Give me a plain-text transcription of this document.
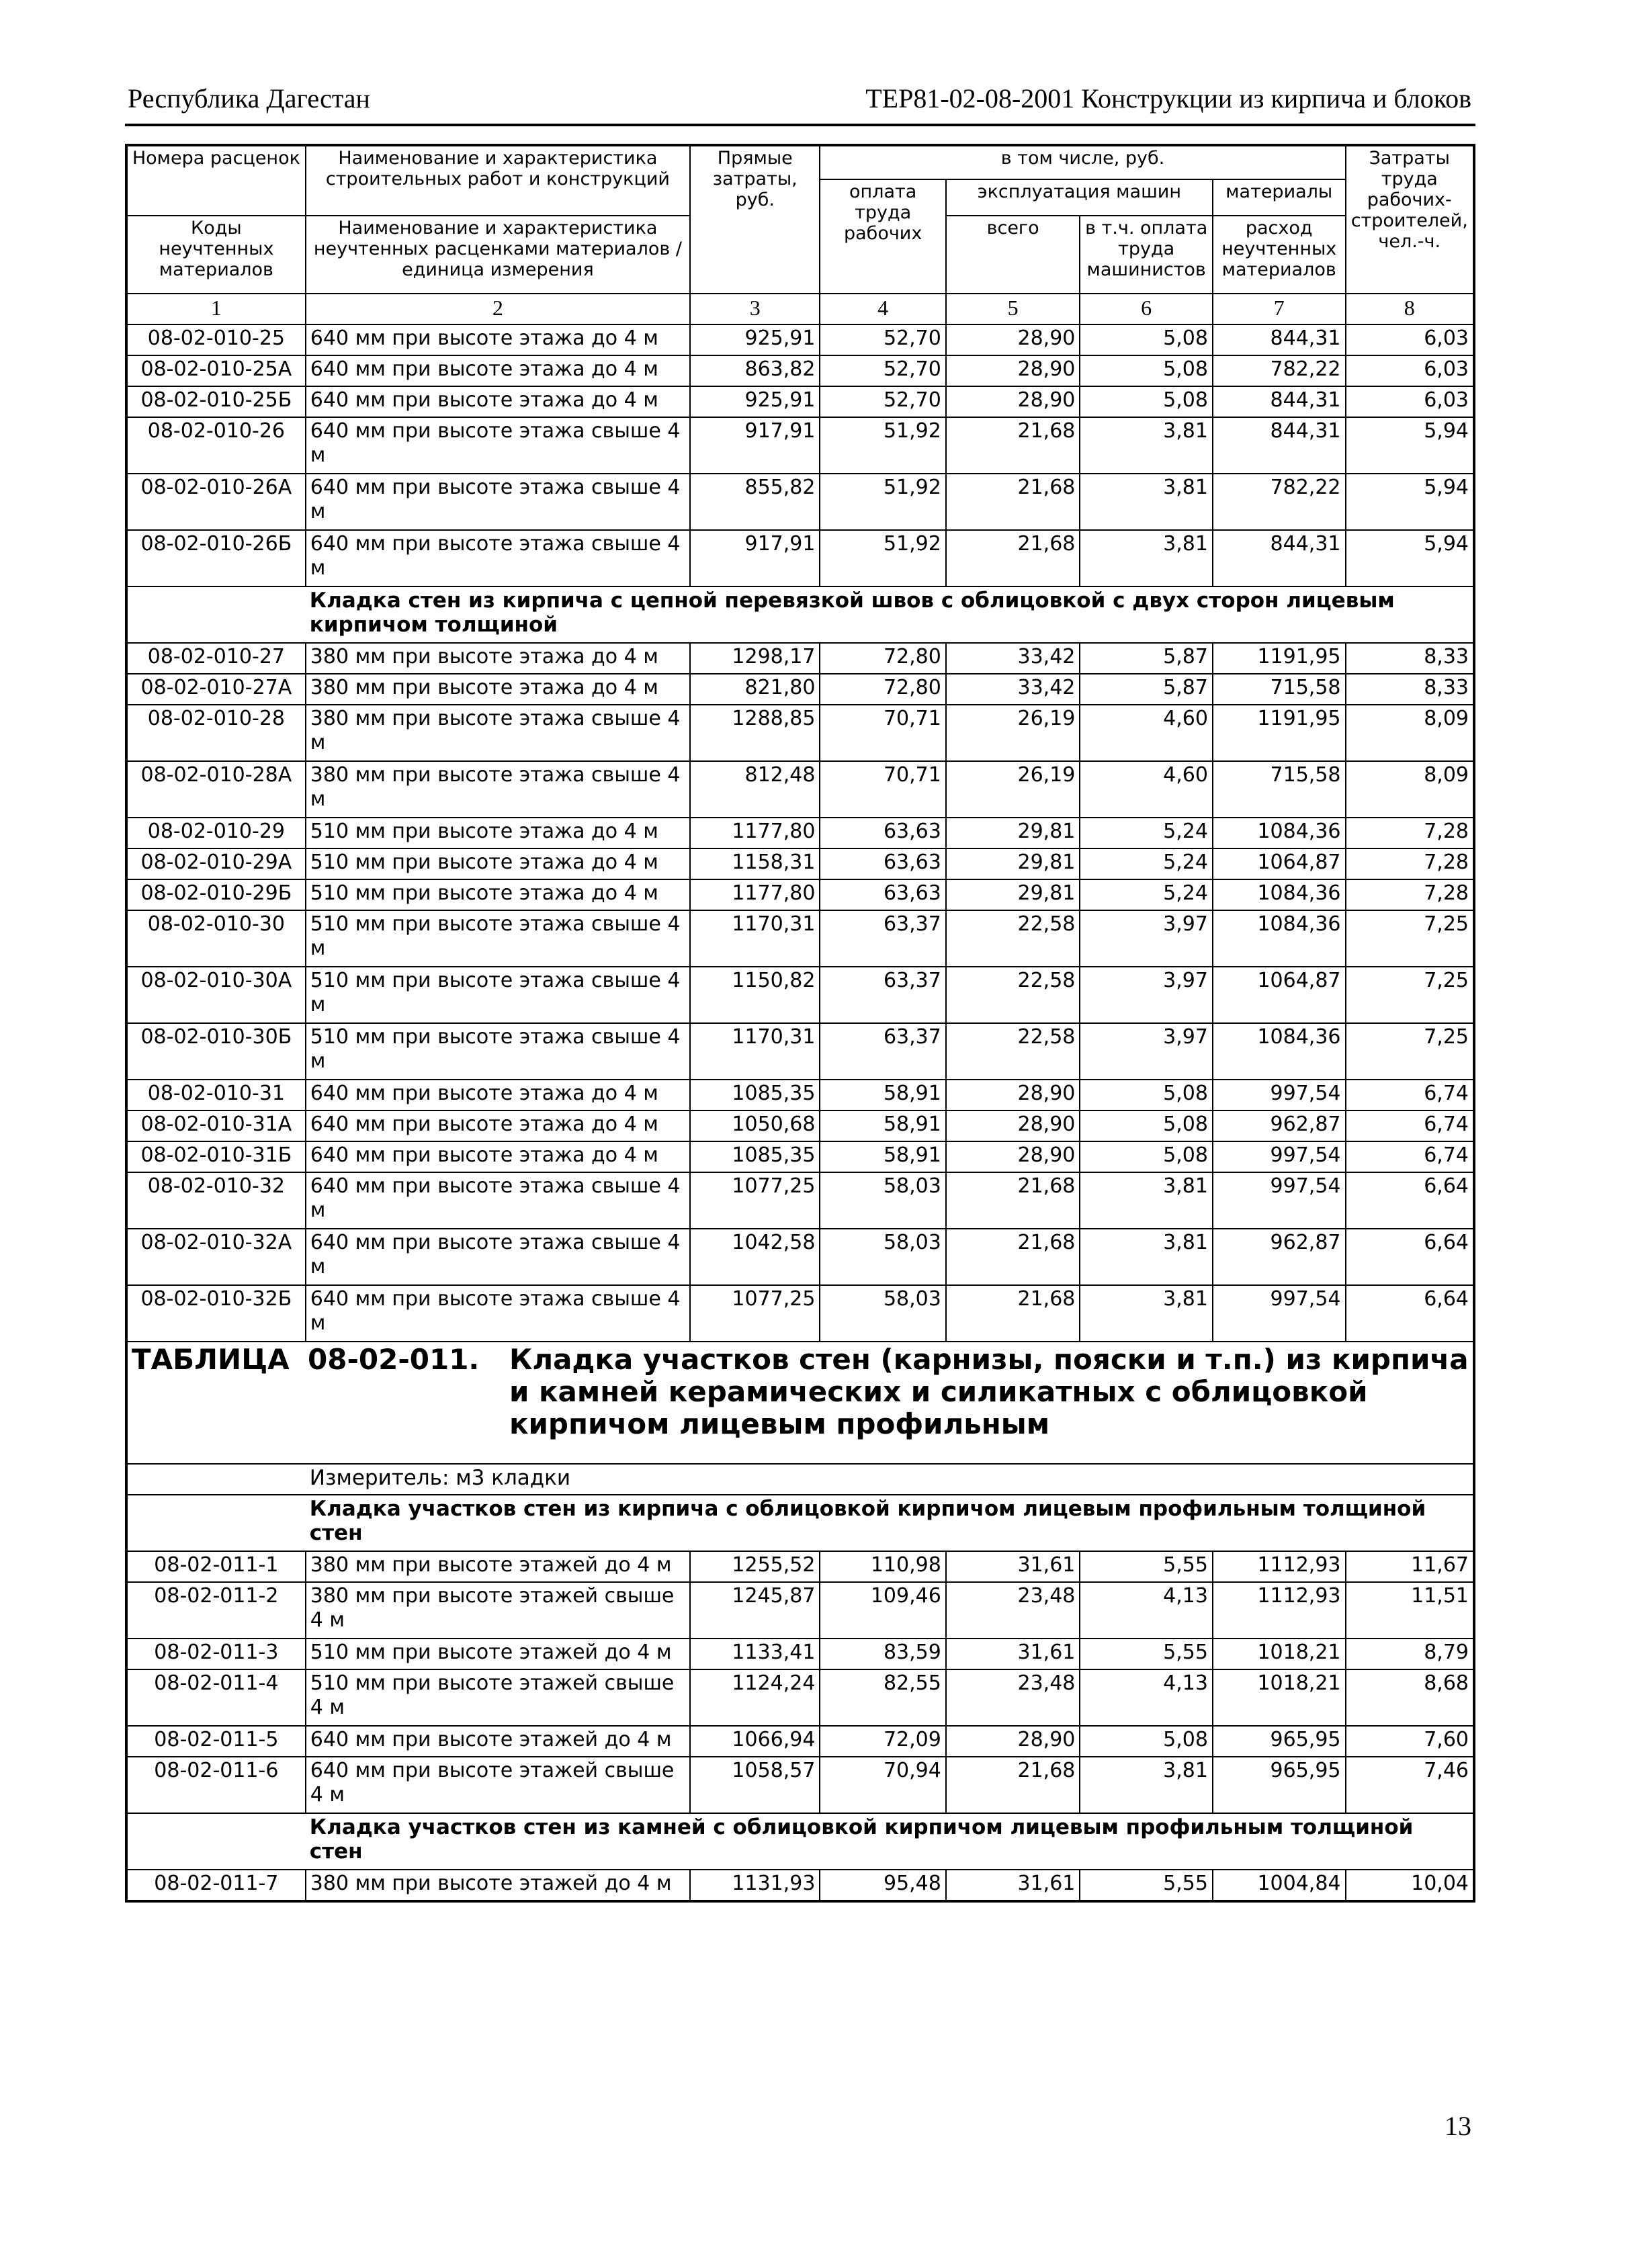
Республика Дагестан	ТЕР81-02-08-2001 Конструкции из кирпича и блоков
Номера расценок	Наименование и характеристика строительных работ и конструкций	Прямые затраты, руб.	в том числе, руб.				Затраты труда рабочих-строителей, чел.-ч.
			оплата труда рабочих	эксплуатация машин		материалы	
Коды неучтенных материалов	Наименование и характеристика неучтенных расценками материалов / единица измерения			всего	в т.ч. оплата труда машинистов	расход неучтенных материалов	

1	2	3	4	5	6	7	8
08-02-010-25	640 мм при высоте этажа до 4 м	925,91	52,70	28,90	5,08	844,31	6,03
08-02-010-25А	640 мм при высоте этажа до 4 м	863,82	52,70	28,90	5,08	782,22	6,03
08-02-010-25Б	640 мм при высоте этажа до 4 м	925,91	52,70	28,90	5,08	844,31	6,03
08-02-010-26	640 мм при высоте этажа свыше 4 м	917,91	51,92	21,68	3,81	844,31	5,94
08-02-010-26А	640 мм при высоте этажа свыше 4 м	855,82	51,92	21,68	3,81	782,22	5,94
08-02-010-26Б	640 мм при высоте этажа свыше 4 м	917,91	51,92	21,68	3,81	844,31	5,94
	Кладка стен из кирпича с цепной перевязкой швов с облицовкой с двух сторон лицевым кирпичом толщиной						
08-02-010-27	380 мм при высоте этажа до 4 м	1298,17	72,80	33,42	5,87	1191,95	8,33
08-02-010-27А	380 мм при высоте этажа до 4 м	821,80	72,80	33,42	5,87	715,58	8,33
08-02-010-28	380 мм при высоте этажа свыше 4 м	1288,85	70,71	26,19	4,60	1191,95	8,09
08-02-010-28А	380 мм при высоте этажа свыше 4 м	812,48	70,71	26,19	4,60	715,58	8,09
08-02-010-29	510 мм при высоте этажа до 4 м	1177,80	63,63	29,81	5,24	1084,36	7,28
08-02-010-29А	510 мм при высоте этажа до 4 м	1158,31	63,63	29,81	5,24	1064,87	7,28
08-02-010-29Б	510 мм при высоте этажа до 4 м	1177,80	63,63	29,81	5,24	1084,36	7,28
08-02-010-30	510 мм при высоте этажа свыше 4 м	1170,31	63,37	22,58	3,97	1084,36	7,25
08-02-010-30А	510 мм при высоте этажа свыше 4 м	1150,82	63,37	22,58	3,97	1064,87	7,25
08-02-010-30Б	510 мм при высоте этажа свыше 4 м	1170,31	63,37	22,58	3,97	1084,36	7,25
08-02-010-31	640 мм при высоте этажа до 4 м	1085,35	58,91	28,90	5,08	997,54	6,74
08-02-010-31А	640 мм при высоте этажа до 4 м	1050,68	58,91	28,90	5,08	962,87	6,74
08-02-010-31Б	640 мм при высоте этажа до 4 м	1085,35	58,91	28,90	5,08	997,54	6,74
08-02-010-32	640 мм при высоте этажа свыше 4 м	1077,25	58,03	21,68	3,81	997,54	6,64
08-02-010-32А	640 мм при высоте этажа свыше 4 м	1042,58	58,03	21,68	3,81	962,87	6,64
08-02-010-32Б	640 мм при высоте этажа свыше 4 м	1077,25	58,03	21,68	3,81	997,54	6,64

ТАБЛИЦА 08-02-011. Кладка участков стен (карнизы, пояски и т.п.) из кирпича и камней керамических и силикатных с облицовкой кирпичом лицевым профильным							

	Измеритель: м3 кладки						
	Кладка участков стен из кирпича с облицовкой кирпичом лицевым профильным толщиной стен						
08-02-011-1	380 мм при высоте этажей до 4 м	1255,52	110,98	31,61	5,55	1112,93	11,67
08-02-011-2	380 мм при высоте этажей свыше 4 м	1245,87	109,46	23,48	4,13	1112,93	11,51
08-02-011-3	510 мм при высоте этажей до 4 м	1133,41	83,59	31,61	5,55	1018,21	8,79
08-02-011-4	510 мм при высоте этажей свыше 4 м	1124,24	82,55	23,48	4,13	1018,21	8,68
08-02-011-5	640 мм при высоте этажей до 4 м	1066,94	72,09	28,90	5,08	965,95	7,60
08-02-011-6	640 мм при высоте этажей свыше 4 м	1058,57	70,94	21,68	3,81	965,95	7,46
	Кладка участков стен из камней с облицовкой кирпичом лицевым профильным толщиной стен						
08-02-011-7	380 мм при высоте этажей до 4 м	1131,93	95,48	31,61	5,55	1004,84	10,04
13
